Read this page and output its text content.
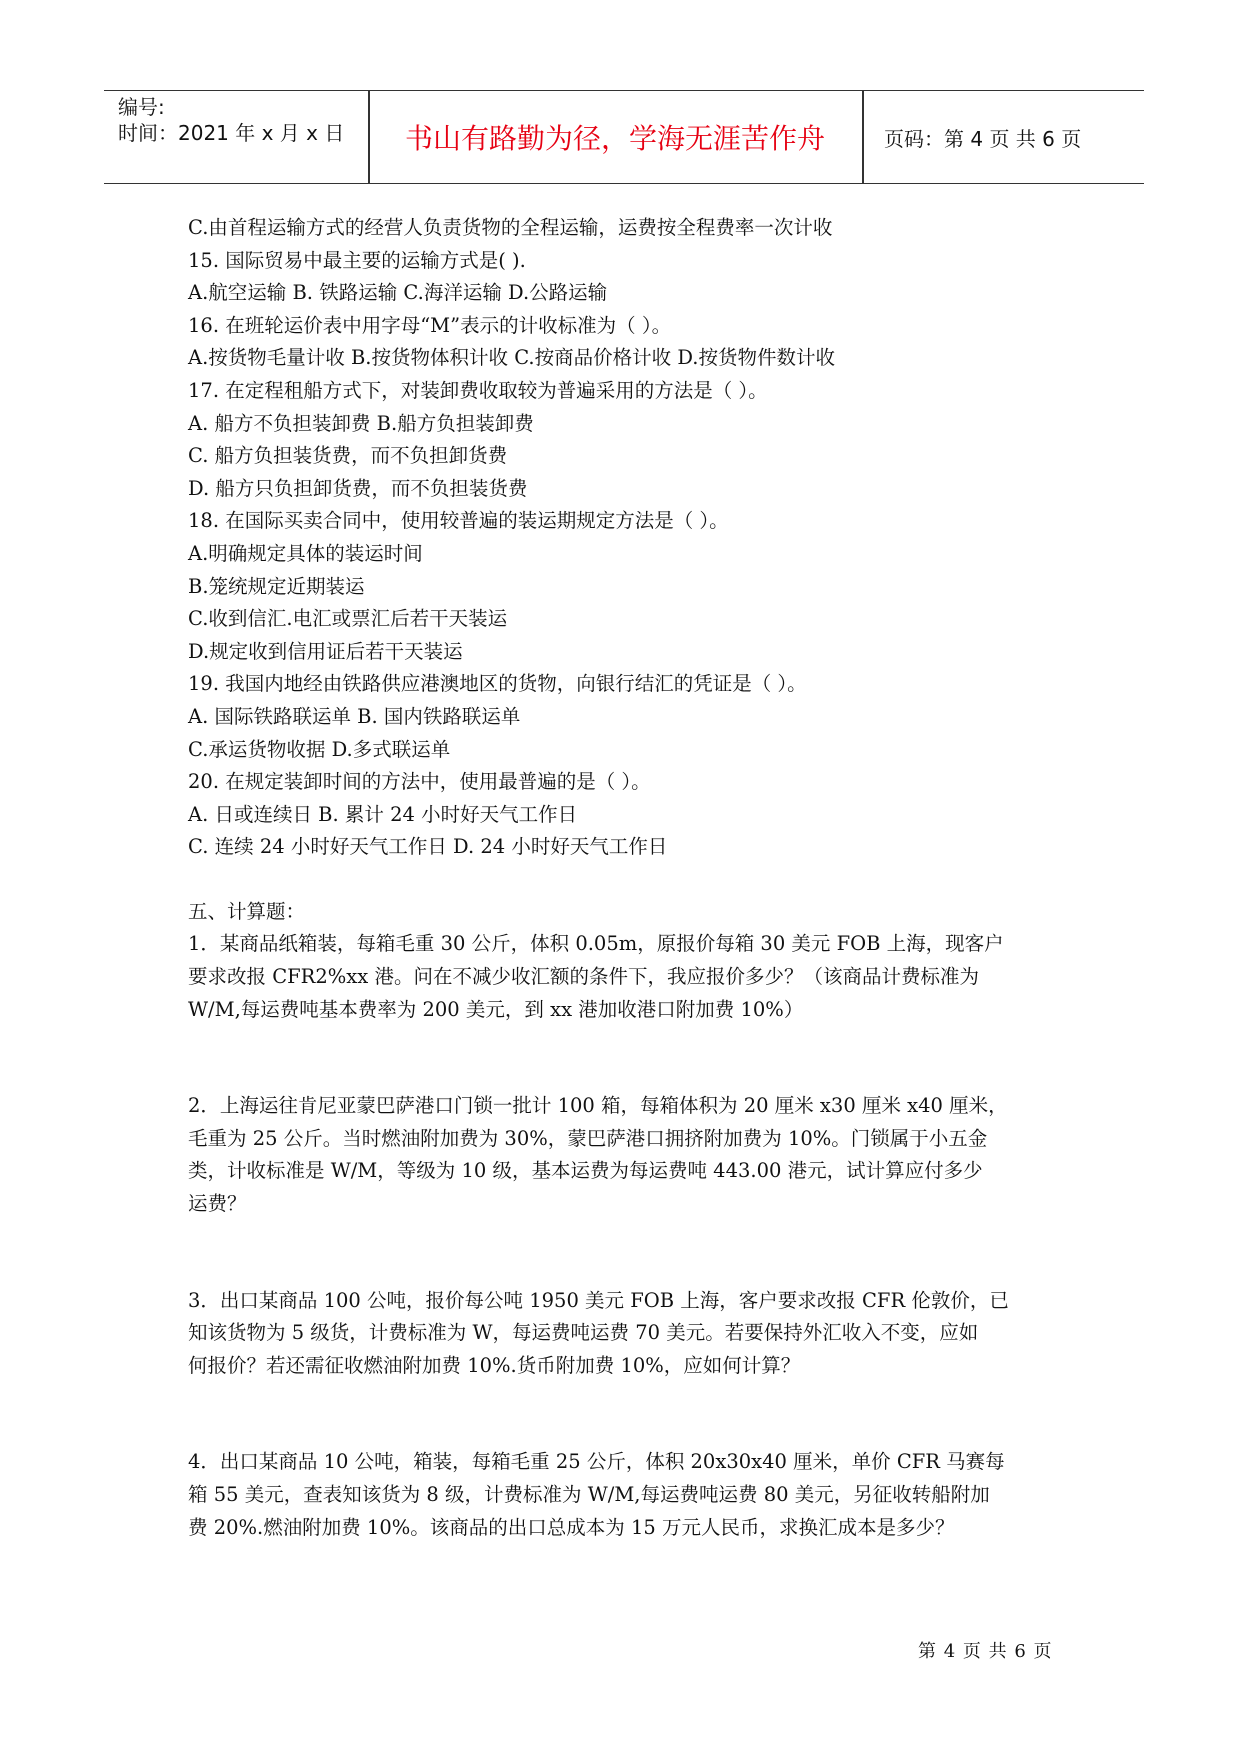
编号:
时间：2021 年 x 月 x 日	书山有路勤为径，学海无涯苦作舟	页码：第 4 页 共 6 页
C.由首程运输方式的经营人负责货物的全程运输，运费按全程费率一次计收
15. 国际贸易中最主要的运输方式是( ).
A.航空运输 B. 铁路运输 C.海洋运输 D.公路运输
16. 在班轮运价表中用字母“M”表示的计收标准为（ ）。
A.按货物毛量计收 B.按货物体积计收 C.按商品价格计收 D.按货物件数计收
17. 在定程租船方式下，对装卸费收取较为普遍采用的方法是（ ）。
A. 船方不负担装卸费 B.船方负担装卸费
C. 船方负担装货费，而不负担卸货费
D. 船方只负担卸货费，而不负担装货费
18. 在国际买卖合同中，使用较普遍的装运期规定方法是（ ）。
A.明确规定具体的装运时间
B.笼统规定近期装运
C.收到信汇.电汇或票汇后若干天装运
D.规定收到信用证后若干天装运
19. 我国内地经由铁路供应港澳地区的货物，向银行结汇的凭证是（ ）。
A. 国际铁路联运单 B. 国内铁路联运单
C.承运货物收据 D.多式联运单
20. 在规定装卸时间的方法中，使用最普遍的是（ ）。
A. 日或连续日 B. 累计 24 小时好天气工作日
C. 连续 24 小时好天气工作日 D. 24 小时好天气工作日
五、计算题：
1．某商品纸箱装，每箱毛重 30 公斤，体积 0.05m，原报价每箱 30 美元 FOB 上海，现客户
要求改报 CFR2%xx 港。问在不减少收汇额的条件下，我应报价多少？（该商品计费标准为
W/M,每运费吨基本费率为 200 美元，到 xx 港加收港口附加费 10%）
2．上海运往肯尼亚蒙巴萨港口门锁一批计 100 箱，每箱体积为 20 厘米 x30 厘米 x40 厘米，
毛重为 25 公斤。当时燃油附加费为 30%，蒙巴萨港口拥挤附加费为 10%。门锁属于小五金
类，计收标准是 W/M，等级为 10 级，基本运费为每运费吨 443.00 港元，试计算应付多少
运费？
3．出口某商品 100 公吨，报价每公吨 1950 美元 FOB 上海，客户要求改报 CFR 伦敦价，已
知该货物为 5 级货，计费标准为 W，每运费吨运费 70 美元。若要保持外汇收入不变，应如
何报价？若还需征收燃油附加费 10%.货币附加费 10%，应如何计算？
4．出口某商品 10 公吨，箱装，每箱毛重 25 公斤，体积 20x30x40 厘米，单价 CFR 马赛每
箱 55 美元，查表知该货为 8 级，计费标准为 W/M,每运费吨运费 80 美元，另征收转船附加
费 20%.燃油附加费 10%。该商品的出口总成本为 15 万元人民币，求换汇成本是多少？
第 4 页 共 6 页
